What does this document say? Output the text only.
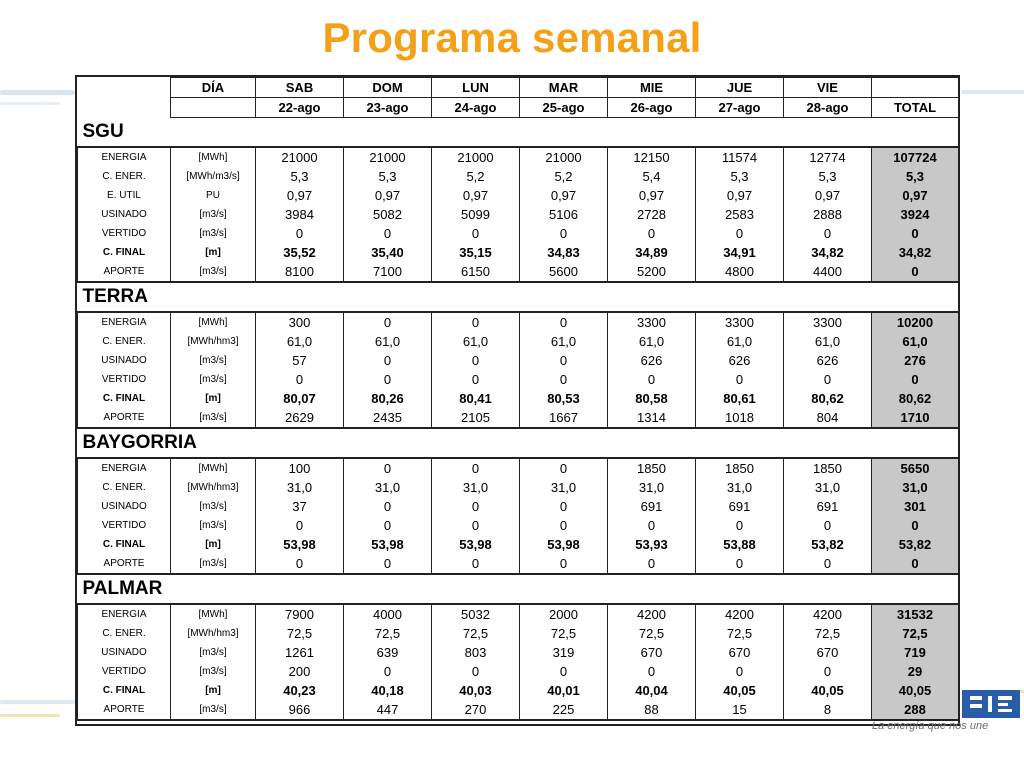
Programa semanal
	DÍA	SAB	DOM	LUN	MAR	MIE	JUE	VIE	
		22-ago	23-ago	24-ago	25-ago	26-ago	27-ago	28-ago	TOTAL
SGU									
ENERGIA	[MWh]	21000	21000	21000	21000	12150	11574	12774	107724
C. ENER.	[MWh/m3/s]	5,3	5,3	5,2	5,2	5,4	5,3	5,3	5,3
E. UTIL	PU	0,97	0,97	0,97	0,97	0,97	0,97	0,97	0,97
USINADO	[m3/s]	3984	5082	5099	5106	2728	2583	2888	3924
VERTIDO	[m3/s]	0	0	0	0	0	0	0	0
C. FINAL	[m]	35,52	35,40	35,15	34,83	34,89	34,91	34,82	34,82
APORTE	[m3/s]	8100	7100	6150	5600	5200	4800	4400	0
TERRA									
ENERGIA	[MWh]	300	0	0	0	3300	3300	3300	10200
C. ENER.	[MWh/hm3]	61,0	61,0	61,0	61,0	61,0	61,0	61,0	61,0
USINADO	[m3/s]	57	0	0	0	626	626	626	276
VERTIDO	[m3/s]	0	0	0	0	0	0	0	0
C. FINAL	[m]	80,07	80,26	80,41	80,53	80,58	80,61	80,62	80,62
APORTE	[m3/s]	2629	2435	2105	1667	1314	1018	804	1710
BAYGORRIA									
ENERGIA	[MWh]	100	0	0	0	1850	1850	1850	5650
C. ENER.	[MWh/hm3]	31,0	31,0	31,0	31,0	31,0	31,0	31,0	31,0
USINADO	[m3/s]	37	0	0	0	691	691	691	301
VERTIDO	[m3/s]	0	0	0	0	0	0	0	0
C. FINAL	[m]	53,98	53,98	53,98	53,98	53,93	53,88	53,82	53,82
APORTE	[m3/s]	0	0	0	0	0	0	0	0
PALMAR									
ENERGIA	[MWh]	7900	4000	5032	2000	4200	4200	4200	31532
C. ENER.	[MWh/hm3]	72,5	72,5	72,5	72,5	72,5	72,5	72,5	72,5
USINADO	[m3/s]	1261	639	803	319	670	670	670	719
VERTIDO	[m3/s]	200	0	0	0	0	0	0	29
C. FINAL	[m]	40,23	40,18	40,03	40,01	40,04	40,05	40,05	40,05
APORTE	[m3/s]	966	447	270	225	88	15	8	288
La energía que nos une
